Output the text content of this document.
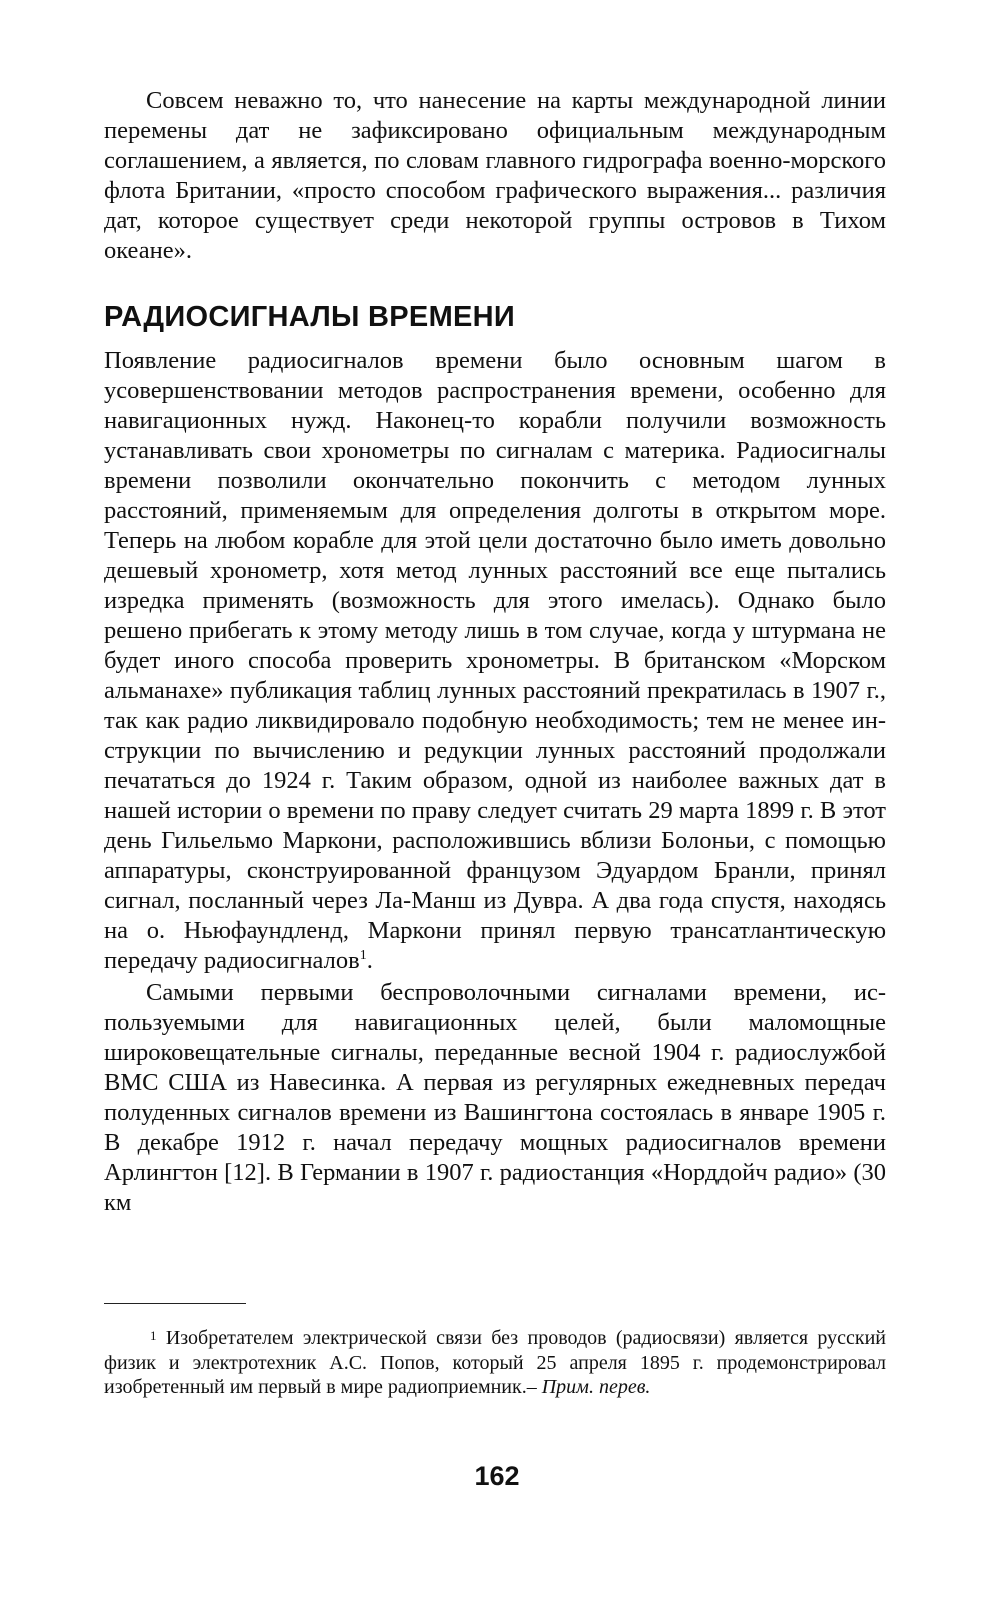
Совсем неважно то, что нанесение на карты международной линии перемены дат не зафиксировано официальным международным соглашением, а является, по словам главного гидрографа военно-морского флота Британии, «просто способом графического выражения... различия дат, которое существует среди некоторой группы островов в Тихом океане».

РАДИОСИГНАЛЫ ВРЕМЕНИ

Появление радиосигналов времени было основным шагом в усовершенствовании методов распространения времени, особенно для навигационных нужд. Наконец-то корабли получили возможность устанавливать свои хронометры по сигналам с материка. Радиосигналы времени позволили окончательно покончить с методом лунных расстояний, применяемым для определения долготы в открытом море. Теперь на любом корабле для этой цели достаточно было иметь довольно дешевый хронометр, хотя метод лунных расстояний все еще пытались изредка применять (возможность для этого имелась). Однако было решено прибегать к этому методу лишь в том случае, когда у штурмана не будет иного способа проверить хронометры. В британском «Морском альманахе» публикация таблиц лунных расстояний прекратилась в 1907 г., так как радио ликвидировало подобную необходимость; тем не менее инструкции по вычислению и редукции лунных расстояний продолжали печататься до 1924 г. Таким образом, одной из наиболее важных дат в нашей истории о времени по праву следует считать 29 марта 1899 г. В этот день Гильельмо Маркони, расположившись вблизи Болоньи, с помощью аппаратуры, сконструированной французом Эдуардом Бранли, принял сигнал, посланный через Ла-Манш из Дувра. А два года спустя, находясь на о. Ньюфаундленд, Маркони принял первую трансатлантическую передачу радиосигналов$^1$.

Самыми первыми беспроволочными сигналами времени, используемыми для навигационных целей, были маломощные широковещательные сигналы, переданные весной 1904 г. радиослужбой ВМС США из Навесинка. А первая из регулярных ежедневных передач полуденных сигналов времени из Вашингтона состоялась в январе 1905 г. В декабре 1912 г. начал передачу мощных радиосигналов времени Арлингтон [12]. В Германии в 1907 г. радиостанция «Норддойч радио» (30 км

$^1$ Изобретателем электрической связи без проводов (радиосвязи) является русский физик и электротехник А.С. Попов, который 25 апреля 1895 г. продемонстрировал изобретенный им первый в мире радиоприемник.– Прим. перев.

162
